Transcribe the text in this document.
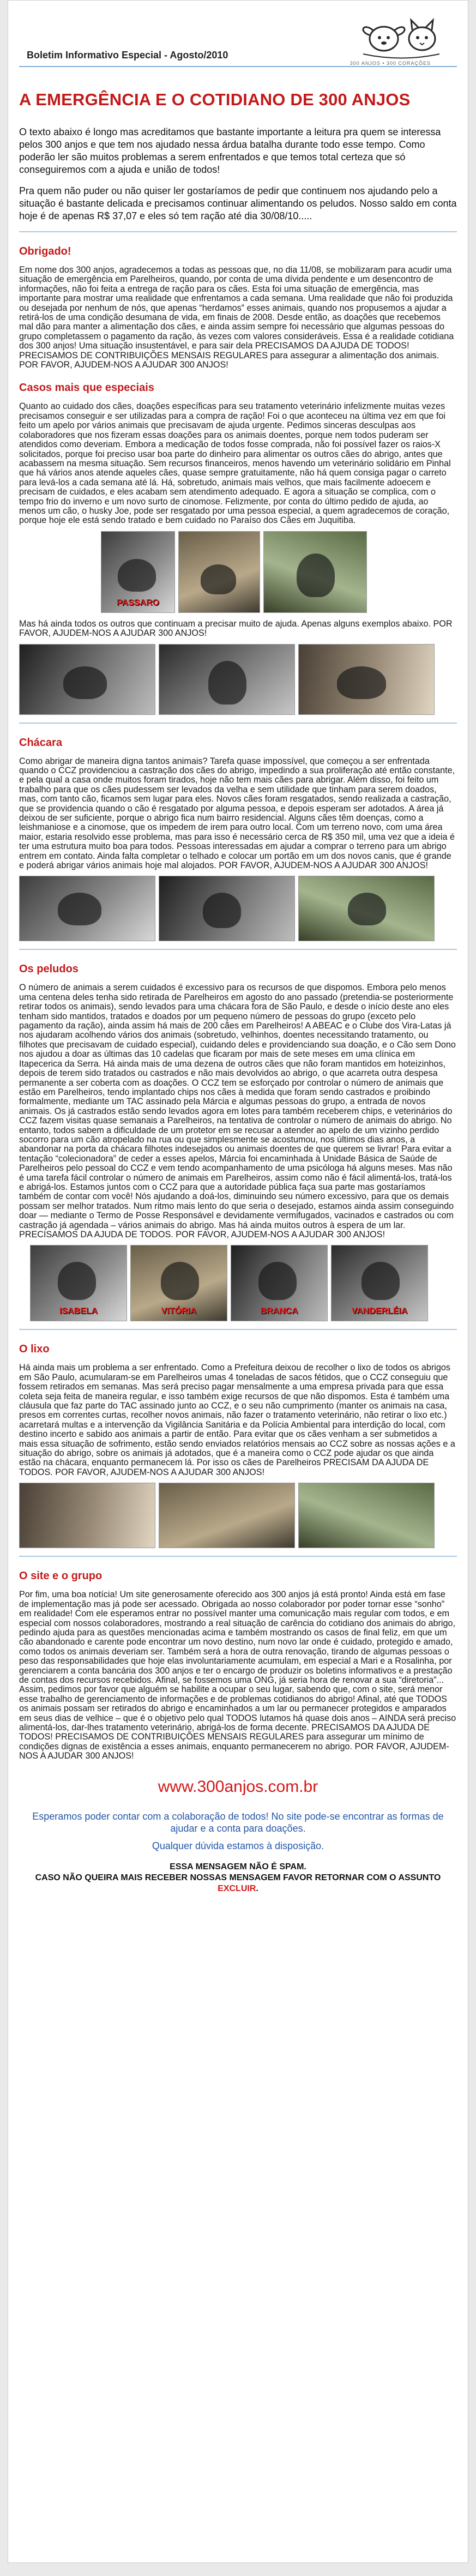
Boletim Informativo Especial - Agosto/2010
300 ANJOS • 300 CORAÇÕES
A EMERGÊNCIA E O COTIDIANO DE 300 ANJOS

O texto abaixo é longo mas acreditamos que bastante importante a leitura pra quem se interessa pelos 300 anjos e que tem nos ajudado nessa árdua batalha durante todo esse tempo. Como poderão ler são muitos problemas a serem enfrentados e que temos total certeza que só conseguiremos com a ajuda e união de todos!

Pra quem não puder ou não quiser ler gostaríamos de pedir que continuem nos ajudando pelo a situação é bastante delicada e precisamos continuar alimentando os peludos. Nosso saldo em conta hoje é de apenas R$ 37,07 e eles só tem ração até dia 30/08/10.....

Obrigado!

Em nome dos 300 anjos, agradecemos a todas as pessoas que, no dia 11/08, se mobilizaram para acudir uma situação de emergência em Parelheiros, quando, por conta de uma dívida pendente e um desencontro de informações, não foi feita a entrega de ração para os cães. Esta foi uma situação de emergência, mas importante para mostrar uma realidade que enfrentamos a cada semana. Uma realidade que não foi produzida ou desejada por nenhum de nós, que apenas “herdamos” esses animais, quando nos propusemos a ajudar a retirá-los de uma condição desumana de vida, em finais de 2008. Desde então, as doações que recebemos mal dão para manter a alimentação dos cães, e ainda assim sempre foi necessário que algumas pessoas do grupo completassem o pagamento da ração, às vezes com valores consideráveis. Essa é a realidade cotidiana dos 300 anjos! Uma situação insustentável, e para sair dela PRECISAMOS DA AJUDA DE TODOS! PRECISAMOS DE CONTRIBUIÇÕES MENSAIS REGULARES para assegurar a alimentação dos animais. POR FAVOR, AJUDEM-NOS A AJUDAR 300 ANJOS!

Casos mais que especiais

Quanto ao cuidado dos cães, doações específicas para seu tratamento veterinário infelizmente muitas vezes precisamos conseguir e ser utilizadas para a compra de ração! Foi o que aconteceu na última vez em que foi feito um apelo por vários animais que precisavam de ajuda urgente. Pedimos sinceras desculpas aos colaboradores que nos fizeram essas doações para os animais doentes, porque nem todos puderam ser atendidos como deveriam. Embora a medicação de todos fosse comprada, não foi possível fazer os raios-X solicitados, porque foi preciso usar boa parte do dinheiro para alimentar os outros cães do abrigo, antes que acabassem na mesma situação. Sem recursos financeiros, menos havendo um veterinário solidário em Pinhal que há vários anos atende aqueles cães, quase sempre gratuitamente, não há quem consiga pagar o carreto para levá-los a cada semana até lá. Há, sobretudo, animais mais velhos, que mais facilmente adoecem e precisam de cuidados, e eles acabam sem atendimento adequado. E agora a situação se complica, com o tempo frio do inverno e um novo surto de cinomose. Felizmente, por conta do último pedido de ajuda, ao menos um cão, o husky Joe, pode ser resgatado por uma pessoa especial, a quem agradecemos de coração, porque hoje ele está sendo tratado e bem cuidado no Paraíso dos Cães em Juquitiba.

PASSARO

Mas há ainda todos os outros que continuam a precisar muito de ajuda. Apenas alguns exemplos abaixo. POR FAVOR, AJUDEM-NOS A AJUDAR 300 ANJOS!

Chácara

Como abrigar de maneira digna tantos animais? Tarefa quase impossível, que começou a ser enfrentada quando o CCZ providenciou a castração dos cães do abrigo, impedindo a sua proliferação até então constante, e pela qual a casa onde muitos foram tirados, hoje não tem mais cães para abrigar. Além disso, foi feito um trabalho para que os cães pudessem ser levados da velha e sem utilidade que tinham para serem doados, mas, com tanto cão, ficamos sem lugar para eles. Novos cães foram resgatados, sendo realizada a castração, que se providencia quando o cão é resgatado por alguma pessoa, e depois esperam ser adotados. A área já deixou de ser suficiente, porque o abrigo fica num bairro residencial. Alguns cães têm doenças, como a leishmaniose e a cinomose, que os impedem de irem para outro local. Com um terreno novo, com uma área maior, estaria resolvido esse problema, mas para isso é necessário cerca de R$ 350 mil, uma vez que a ideia é ter uma estrutura muito boa para todos. Pessoas interessadas em ajudar a comprar o terreno para um abrigo entrem em contato. Ainda falta completar o telhado e colocar um portão em um dos novos canis, que é grande e poderá abrigar vários animais hoje mal alojados. POR FAVOR, AJUDEM-NOS A AJUDAR 300 ANJOS!

Os peludos

O número de animais a serem cuidados é excessivo para os recursos de que dispomos. Embora pelo menos uma centena deles tenha sido retirada de Parelheiros em agosto do ano passado (pretendia-se posteriormente retirar todos os animais), sendo levados para uma chácara fora de São Paulo, e desde o início deste ano eles tenham sido mantidos, tratados e doados por um pequeno número de pessoas do grupo (exceto pelo pagamento da ração), ainda assim há mais de 200 cães em Parelheiros! A ABEAC e o Clube dos Vira-Latas já nos ajudaram acolhendo vários dos animais (sobretudo, velhinhos, doentes necessitando tratamento, ou filhotes que precisavam de cuidado especial), cuidando deles e providenciando sua doação, e o Cão sem Dono nos ajudou a doar as últimas das 10 cadelas que ficaram por mais de sete meses em uma clínica em Itapecerica da Serra. Há ainda mais de uma dezena de outros cães que não foram mantidos em hoteizinhos, depois de terem sido tratados ou castrados e não mais devolvidos ao abrigo, o que acarreta outra despesa permanente a ser coberta com as doações. O CCZ tem se esforçado por controlar o número de animais que estão em Parelheiros, tendo implantado chips nos cães à medida que foram sendo castrados e proibindo formalmente, mediante um TAC assinado pela Márcia e algumas pessoas do grupo, a entrada de novos animais. Os já castrados estão sendo levados agora em lotes para também receberem chips, e veterinários do CCZ fazem visitas quase semanais a Parelheiros, na tentativa de controlar o número de animais do abrigo. No entanto, todos sabem a dificuldade de um protetor em se recusar a atender ao apelo de um vizinho perdido socorro para um cão atropelado na rua ou que simplesmente se acostumou, nos últimos dias anos, a abandonar na porta da chácara filhotes indesejados ou animais doentes de que querem se livrar! Para evitar a tentação “colecionadora” de ceder a esses apelos, Márcia foi encaminhada à Unidade Básica de Saúde de Parelheiros pelo pessoal do CCZ e vem tendo acompanhamento de uma psicóloga há alguns meses. Mas não é uma tarefa fácil controlar o número de animais em Parelheiros, assim como não é fácil alimentá-los, tratá-los e abrigá-los. Estamos juntos com o CCZ para que a autoridade pública faça sua parte mas gostaríamos também de contar com você! Nós ajudando a doá-los, diminuindo seu número excessivo, para que os demais possam ser melhor tratados. Num ritmo mais lento do que seria o desejado, estamos ainda assim conseguindo doar — mediante o Termo de Posse Responsável e devidamente vermifugados, vacinados e castrados ou com castração já agendada – vários animais do abrigo. Mas há ainda muitos outros à espera de um lar. PRECISAMOS DA AJUDA DE TODOS. POR FAVOR, AJUDEM-NOS A AJUDAR 300 ANJOS!

ISABELA	VITÓRIA	BRANCA	VANDERLÉIA
O lixo

Há ainda mais um problema a ser enfrentado. Como a Prefeitura deixou de recolher o lixo de todos os abrigos em São Paulo, acumularam-se em Parelheiros umas 4 toneladas de sacos fétidos, que o CCZ conseguiu que fossem retirados em semanas. Mas será preciso pagar mensalmente a uma empresa privada para que essa coleta seja feita de maneira regular, e isso também exige recursos de que não dispomos. Esta é também uma cláusula que faz parte do TAC assinado junto ao CCZ, e o seu não cumprimento (manter os animais na casa, presos em correntes curtas, recolher novos animais, não fazer o tratamento veterinário, não retirar o lixo etc.) acarretará multas e a intervenção da Vigilância Sanitária e da Polícia Ambiental para interdição do local, com destino incerto e sabido aos animais a partir de então. Para evitar que os cães venham a ser submetidos a mais essa situação de sofrimento, estão sendo enviados relatórios mensais ao CCZ sobre as nossas ações e a situação do abrigo, sobre os animais já adotados, que é a maneira como o CCZ pode ajudar os que ainda estão na chácara, enquanto permanecem lá. Por isso os cães de Parelheiros PRECISAM DA AJUDA DE TODOS. POR FAVOR, AJUDEM-NOS A AJUDAR 300 ANJOS!

O site e o grupo

Por fim, uma boa notícia! Um site generosamente oferecido aos 300 anjos já está pronto! Ainda está em fase de implementação mas já pode ser acessado. Obrigada ao nosso colaborador por poder tornar esse “sonho” em realidade! Com ele esperamos entrar no possível manter uma comunicação mais regular com todos, e em especial com nossos colaboradores, mostrando a real situação de carência do cotidiano dos animais do abrigo, pedindo ajuda para as questões mencionadas acima e também mostrando os casos de final feliz, em que um cão abandonado e carente pode encontrar um novo destino, num novo lar onde é cuidado, protegido e amado, como todos os animais deveriam ser. Também será a hora de outra renovação, tirando de algumas pessoas o peso das responsabilidades que hoje elas involuntariamente acumulam, em especial a Mari e a Rosalinha, por gerenciarem a conta bancária dos 300 anjos e ter o encargo de produzir os boletins informativos e a prestação de contas dos recursos recebidos. Afinal, se fossemos uma ONG, já seria hora de renovar a sua “diretoria”... Assim, pedimos por favor que alguém se habilite a ocupar o seu lugar, sabendo que, com o site, será menor esse trabalho de gerenciamento de informações e de problemas cotidianos do abrigo! Afinal, até que TODOS os animais possam ser retirados do abrigo e encaminhados a um lar ou permanecer protegidos e amparados em seus dias de velhice – que é o objetivo pelo qual TODOS lutamos há quase dois anos – AINDA será preciso alimentá-los, dar-lhes tratamento veterinário, abrigá-los de forma decente. PRECISAMOS DA AJUDA DE TODOS! PRECISAMOS DE CONTRIBUIÇÕES MENSAIS REGULARES para assegurar um mínimo de condições dignas de existência a esses animais, enquanto permanecerem no abrigo. POR FAVOR, AJUDEM-NOS A AJUDAR 300 ANJOS!

www.300anjos.com.br

Esperamos poder contar com a colaboração de todos! No site pode-se encontrar as formas de ajudar e a conta para doações.

Qualquer dúvida estamos à disposição.

ESSA MENSAGEM NÃO É SPAM.
CASO NÃO QUEIRA MAIS RECEBER NOSSAS MENSAGEM FAVOR RETORNAR COM O ASSUNTO EXCLUIR.
